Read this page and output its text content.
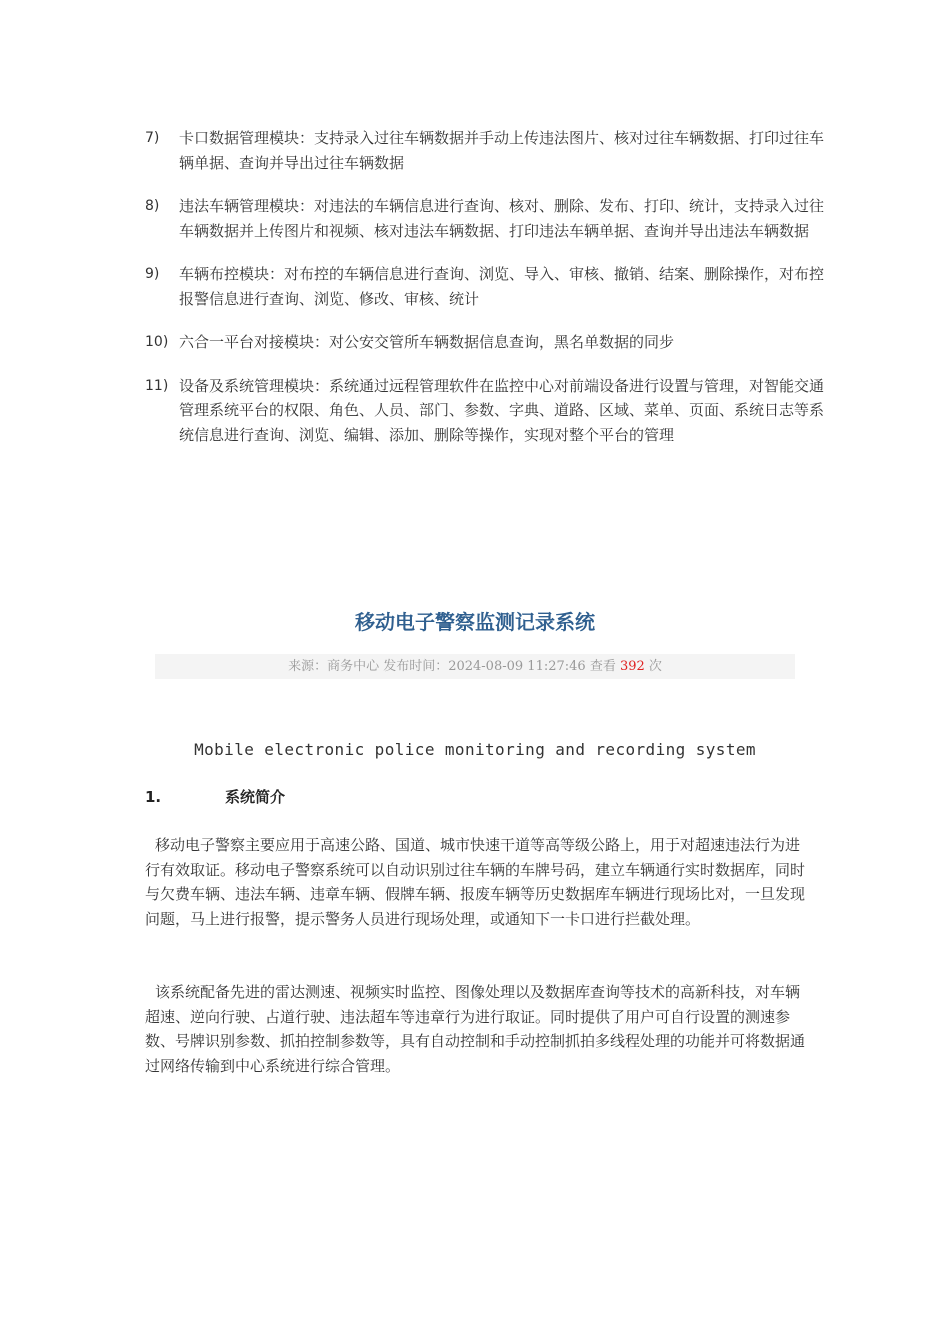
7) 卡口数据管理模块：支持录入过往车辆数据并手动上传违法图片、核对过往车辆数据、打印过往车辆单据、查询并导出过往车辆数据
8) 违法车辆管理模块：对违法的车辆信息进行查询、核对、删除、发布、打印、统计，支持录入过往车辆数据并上传图片和视频、核对违法车辆数据、打印违法车辆单据、查询并导出违法车辆数据
9) 车辆布控模块：对布控的车辆信息进行查询、浏览、导入、审核、撤销、结案、删除操作，对布控报警信息进行查询、浏览、修改、审核、统计
10) 六合一平台对接模块：对公安交管所车辆数据信息查询，黑名单数据的同步
11) 设备及系统管理模块：系统通过远程管理软件在监控中心对前端设备进行设置与管理，对智能交通管理系统平台的权限、角色、人员、部门、参数、字典、道路、区域、菜单、页面、系统日志等系统信息进行查询、浏览、编辑、添加、删除等操作，实现对整个平台的管理
移动电子警察监测记录系统
来源：商务中心 发布时间：2024-08-09 11:27:46 查看 392 次
Mobile electronic police monitoring and recording system
1.	系统简介
移动电子警察主要应用于高速公路、国道、城市快速干道等高等级公路上，用于对超速违法行为进行有效取证。移动电子警察系统可以自动识别过往车辆的车牌号码，建立车辆通行实时数据库，同时与欠费车辆、违法车辆、违章车辆、假牌车辆、报废车辆等历史数据库车辆进行现场比对，一旦发现问题，马上进行报警，提示警务人员进行现场处理，或通知下一卡口进行拦截处理。
该系统配备先进的雷达测速、视频实时监控、图像处理以及数据库查询等技术的高新科技，对车辆超速、逆向行驶、占道行驶、违法超车等违章行为进行取证。同时提供了用户可自行设置的测速参数、号牌识别参数、抓拍控制参数等，具有自动控制和手动控制抓拍多线程处理的功能并可将数据通过网络传输到中心系统进行综合管理。
